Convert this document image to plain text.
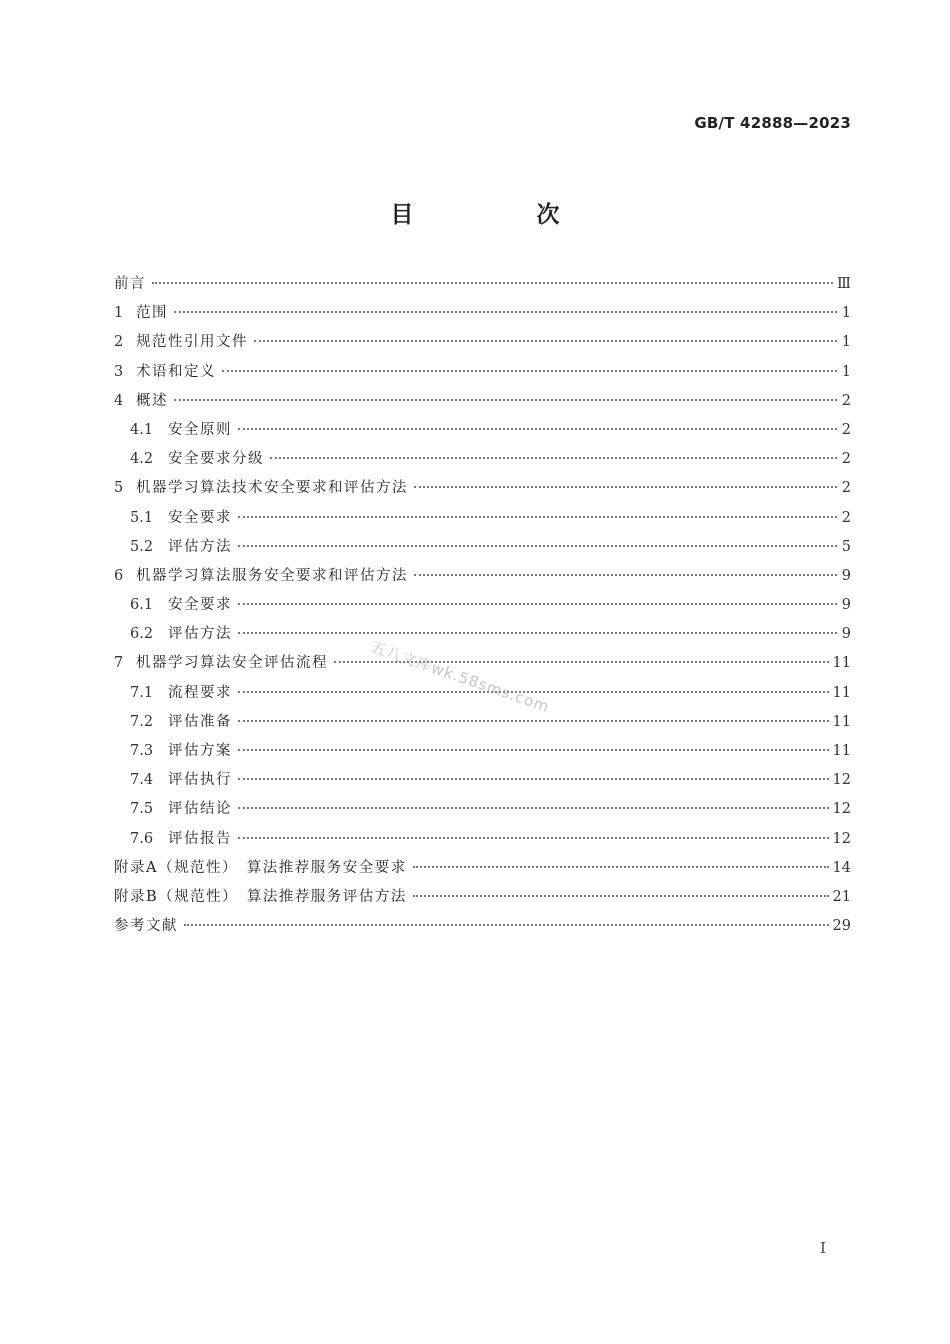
GB/T 42888—2023
目　次
前言	Ⅲ
1 范围	1
2 规范性引用文件	1
3 术语和定义	1
4 概述	2
4.1	安全原则	2
4.2	安全要求分级	2
5 机器学习算法技术安全要求和评估方法	2
5.1	安全要求	2
5.2	评估方法	5
6 机器学习算法服务安全要求和评估方法	9
6.1	安全要求	9
6.2	评估方法	9
7 机器学习算法安全评估流程	11
7.1	流程要求	11
7.2	评估准备	11
7.3	评估方案	11
7.4	评估执行	12
7.5	评估结论	12
7.6	评估报告	12
附录A（规范性）　算法推荐服务安全要求	14
附录B（规范性）　算法推荐服务评估方法	21
参考文献	29
五八文库wk.58sms.com
I
